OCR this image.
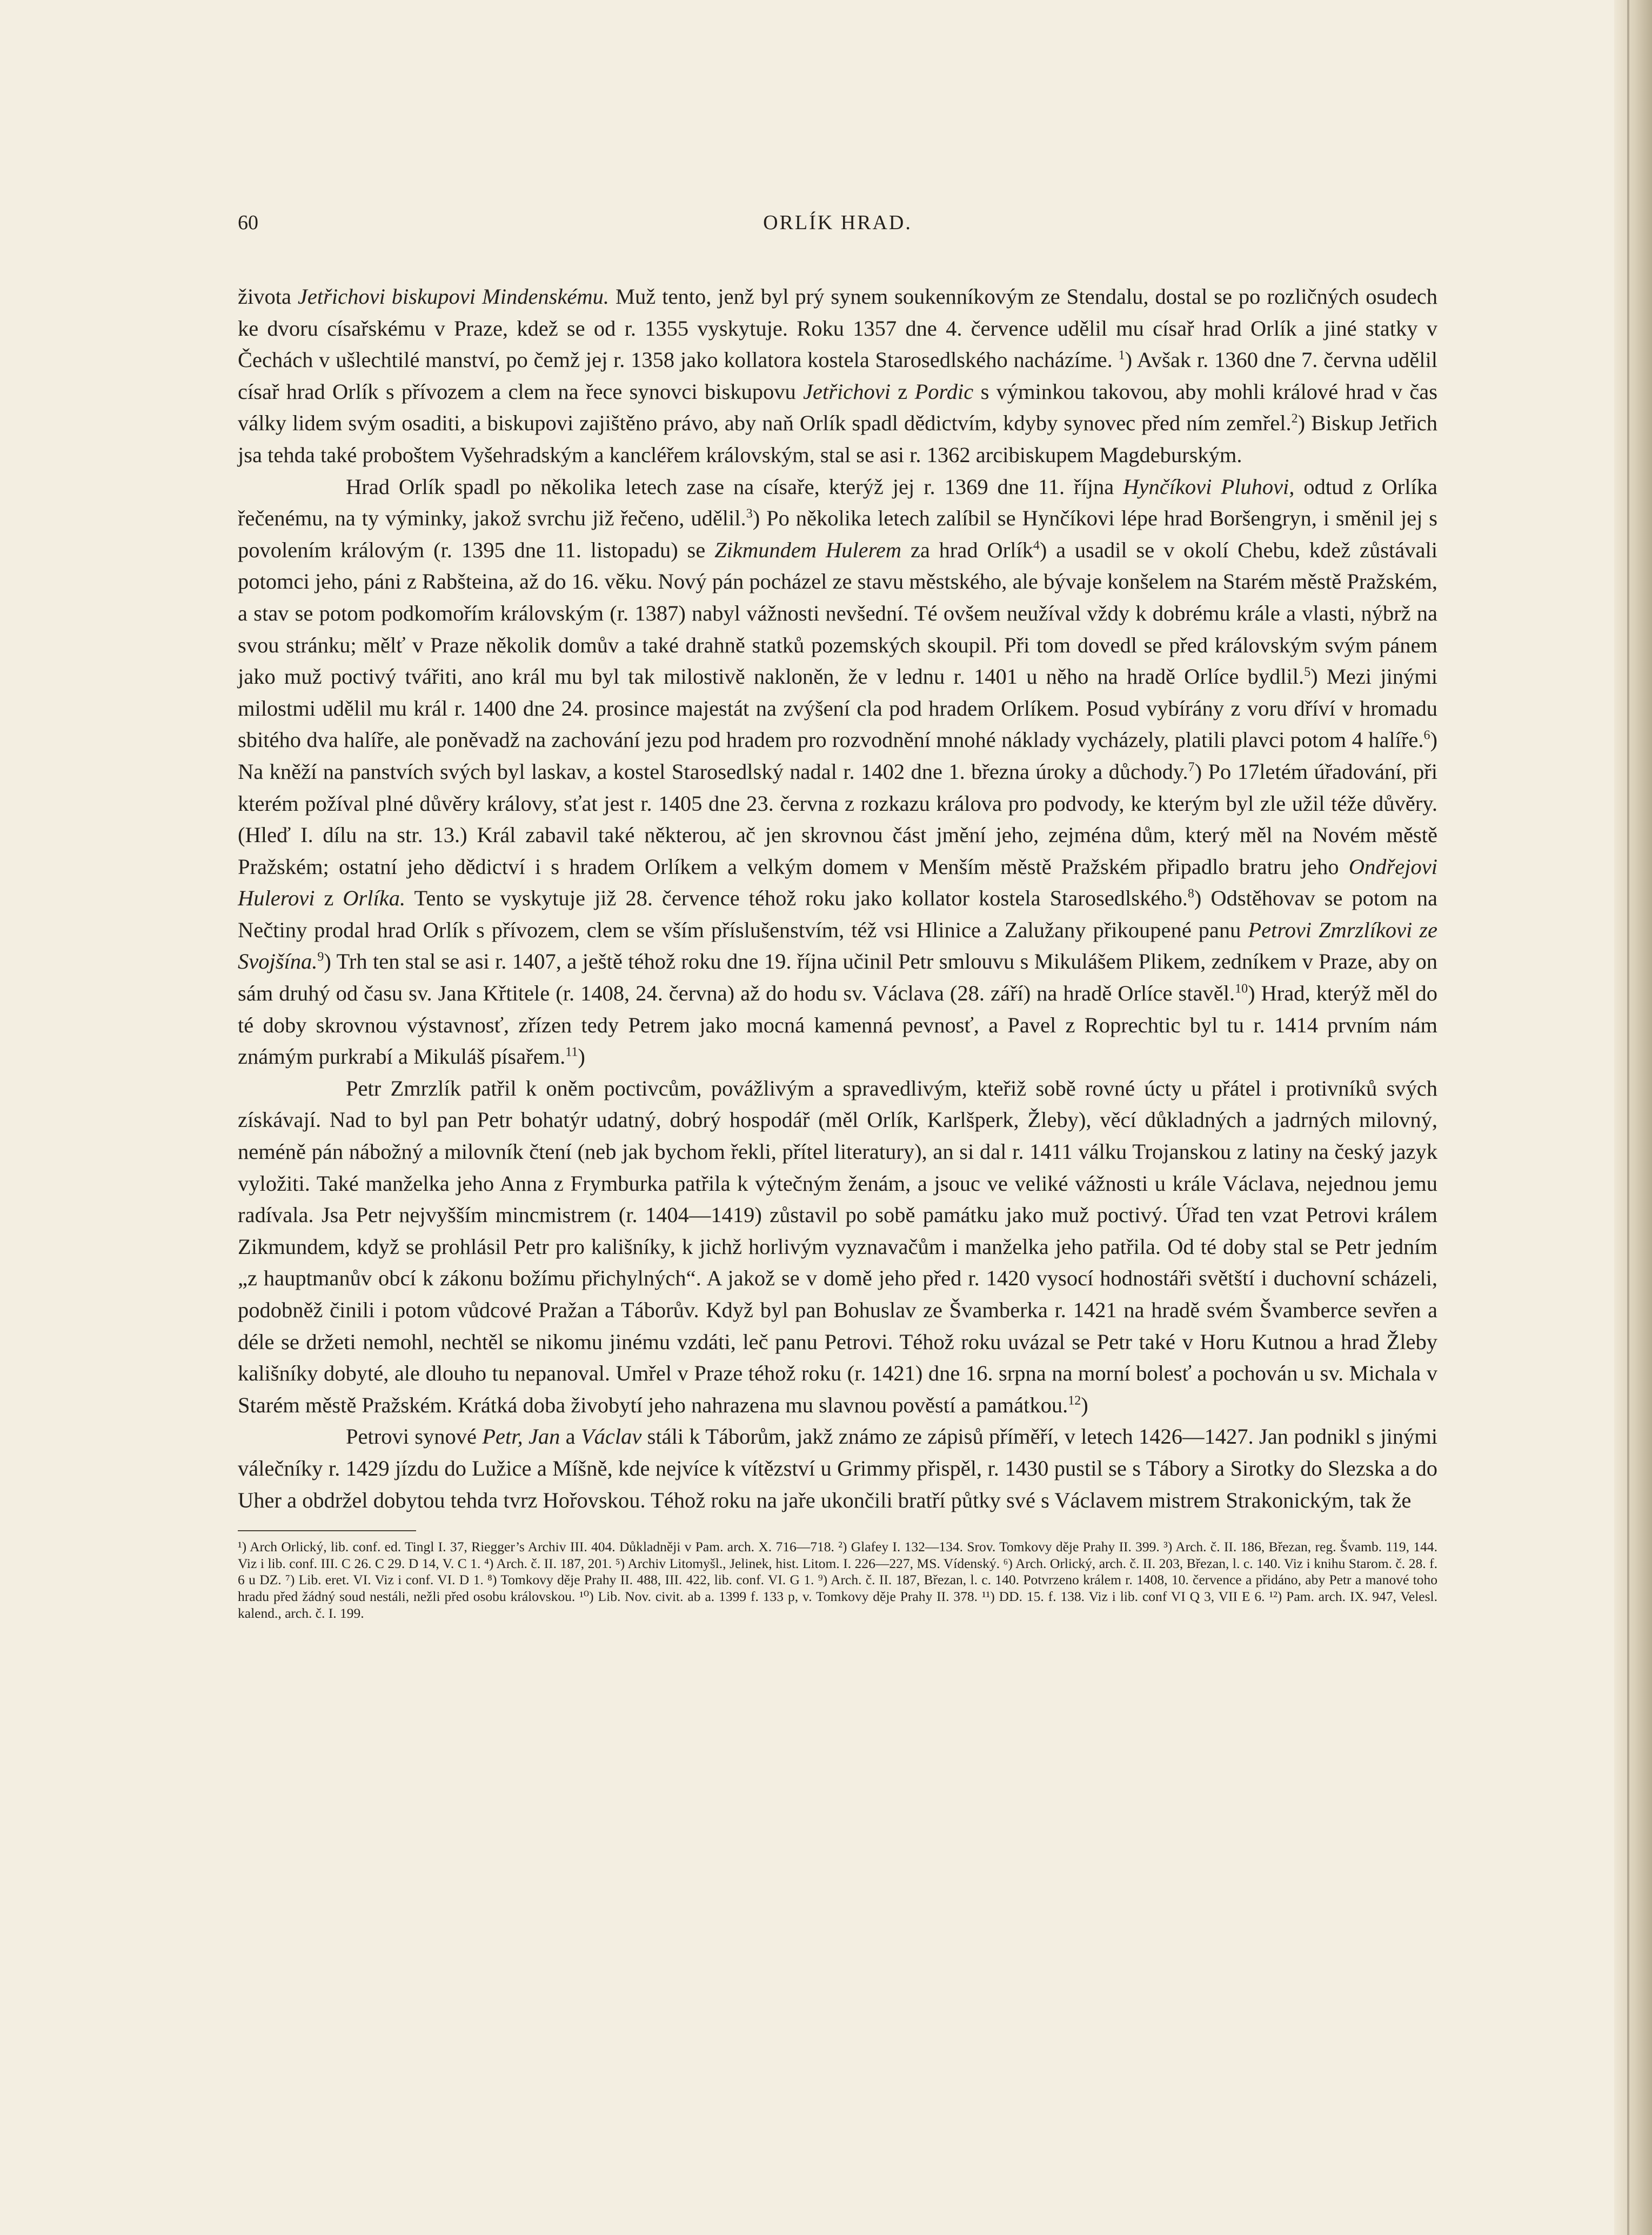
60	ORLÍK HRAD.

života Jetřichovi biskupovi Mindenskému. Muž tento, jenž byl prý synem soukenníkovým ze Stendalu, dostal se po rozličných osudech ke dvoru císařskému v Praze, kdež se od r. 1355 vyskytuje. Roku 1357 dne 4. července udělil mu císař hrad Orlík a jiné statky v Čechách v ušlechtilé manství, po čemž jej r. 1358 jako kollatora kostela Starosedlského nacházíme. $^1$) Avšak r. 1360 dne 7. června udělil císař hrad Orlík s přívozem a clem na řece synovci biskupovu Jetřichovi z Pordic s výminkou takovou, aby mohli králové hrad v čas války lidem svým osaditi, a biskupovi zajištěno právo, aby naň Orlík spadl dědictvím, kdyby synovec před ním zemřel.$^2$) Biskup Jetřich jsa tehda také proboštem Vyšehradským a kancléřem královským, stal se asi r. 1362 arcibiskupem Magdeburským.

Hrad Orlík spadl po několika letech zase na císaře, kterýž jej r. 1369 dne 11. října Hynčíkovi Pluhovi, odtud z Orlíka řečenému, na ty výminky, jakož svrchu již řečeno, udělil.$^3$) Po několika letech zalíbil se Hynčíkovi lépe hrad Boršengryn, i směnil jej s povolením královým (r. 1395 dne 11. listopadu) se Zikmundem Hulerem za hrad Orlík$^4$) a usadil se v okolí Chebu, kdež zůstávali potomci jeho, páni z Rabšteina, až do 16. věku. Nový pán pocházel ze stavu městského, ale bývaje konšelem na Starém městě Pražském, a stav se potom podkomořím královským (r. 1387) nabyl vážnosti nevšední. Té ovšem neužíval vždy k dobrému krále a vlasti, nýbrž na svou stránku; mělť v Praze několik domův a také drahně statků pozemských skoupil. Při tom dovedl se před královským svým pánem jako muž poctivý tvářiti, ano král mu byl tak milostivě nakloněn, že v lednu r. 1401 u něho na hradě Orlíce bydlil.$^5$) Mezi jinými milostmi udělil mu král r. 1400 dne 24. prosince majestát na zvýšení cla pod hradem Orlíkem. Posud vybírány z voru dříví v hromadu sbitého dva halíře, ale poněvadž na zachování jezu pod hradem pro rozvodnění mnohé náklady vycházely, platili plavci potom 4 halíře.$^6$) Na kněží na panstvích svých byl laskav, a kostel Starosedlský nadal r. 1402 dne 1. března úroky a důchody.$^7$) Po 17letém úřadování, při kterém požíval plné důvěry královy, sťat jest r. 1405 dne 23. června z rozkazu králova pro podvody, ke kterým byl zle užil téže důvěry. (Hleď I. dílu na str. 13.) Král zabavil také některou, ač jen skrovnou část jmění jeho, zejména dům, který měl na Novém městě Pražském; ostatní jeho dědictví i s hradem Orlíkem a velkým domem v Menším městě Pražském připadlo bratru jeho Ondřejovi Hulerovi z Orlíka. Tento se vyskytuje již 28. července téhož roku jako kollator kostela Starosedlského.$^8$) Odstěhovav se potom na Nečtiny prodal hrad Orlík s přívozem, clem se vším příslušenstvím, též vsi Hlinice a Zalužany přikoupené panu Petrovi Zmrzlíkovi ze Svojšína.$^9$) Trh ten stal se asi r. 1407, a ještě téhož roku dne 19. října učinil Petr smlouvu s Mikulášem Plikem, zedníkem v Praze, aby on sám druhý od času sv. Jana Křtitele (r. 1408, 24. června) až do hodu sv. Václava (28. září) na hradě Orlíce stavěl.$^{10}$) Hrad, kterýž měl do té doby skrovnou výstavnosť, zřízen tedy Petrem jako mocná kamenná pevnosť, a Pavel z Roprechtic byl tu r. 1414 prvním nám známým purkrabí a Mikuláš písařem.$^{11}$)

Petr Zmrzlík patřil k oněm poctivcům, povážlivým a spravedlivým, kteřiž sobě rovné úcty u přátel i protivníků svých získávají. Nad to byl pan Petr bohatýr udatný, dobrý hospodář (měl Orlík, Karlšperk, Žleby), věcí důkladných a jadrných milovný, neméně pán nábožný a milovník čtení (neb jak bychom řekli, přítel literatury), an si dal r. 1411 válku Trojanskou z latiny na český jazyk vyložiti. Také manželka jeho Anna z Frymburka patřila k výtečným ženám, a jsouc ve veliké vážnosti u krále Václava, nejednou jemu radívala. Jsa Petr nejvyšším mincmistrem (r. 1404—1419) zůstavil po sobě památku jako muž poctivý. Úřad ten vzat Petrovi králem Zikmundem, když se prohlásil Petr pro kališníky, k jichž horlivým vyznavačům i manželka jeho patřila. Od té doby stal se Petr jedním „z hauptmanův obcí k zákonu božímu přichylných“. A jakož se v domě jeho před r. 1420 vysocí hodnostáři světští i duchovní scházeli, podobněž činili i potom vůdcové Pražan a Táborův. Když byl pan Bohuslav ze Švamberka r. 1421 na hradě svém Švamberce sevřen a déle se držeti nemohl, nechtěl se nikomu jinému vzdáti, leč panu Petrovi. Téhož roku uvázal se Petr také v Horu Kutnou a hrad Žleby kališníky dobyté, ale dlouho tu nepanoval. Umřel v Praze téhož roku (r. 1421) dne 16. srpna na morní bolesť a pochován u sv. Michala v Starém městě Pražském. Krátká doba živobytí jeho nahrazena mu slavnou pověstí a památkou.$^{12}$)

Petrovi synové Petr, Jan a Václav stáli k Táborům, jakž známo ze zápisů příměří, v letech 1426—1427. Jan podnikl s jinými válečníky r. 1429 jízdu do Lužice a Míšně, kde nejvíce k vítězství u Grimmy přispěl, r. 1430 pustil se s Tábory a Sirotky do Slezska a do Uher a obdržel dobytou tehda tvrz Hořovskou. Téhož roku na jaře ukončili bratří půtky své s Václavem mistrem Strakonickým, tak že

¹) Arch Orlický, lib. conf. ed. Tingl I. 37, Riegger’s Archiv III. 404. Důkladněji v Pam. arch. X. 716—718. ²) Glafey I. 132—134. Srov. Tomkovy děje Prahy II. 399. ³) Arch. č. II. 186, Březan, reg. Švamb. 119, 144. Viz i lib. conf. III. C 26. C 29. D 14, V. C 1. ⁴) Arch. č. II. 187, 201. ⁵) Archiv Litomyšl., Jelinek, hist. Litom. I. 226—227, MS. Vídenský. ⁶) Arch. Orlický, arch. č. II. 203, Březan, l. c. 140. Viz i knihu Starom. č. 28. f. 6 u DZ. ⁷) Lib. eret. VI. Viz i conf. VI. D 1. ⁸) Tomkovy děje Prahy II. 488, III. 422, lib. conf. VI. G 1. ⁹) Arch. č. II. 187, Březan, l. c. 140. Potvrzeno králem r. 1408, 10. července a přidáno, aby Petr a manové toho hradu před žádný soud nestáli, nežli před osobu královskou. ¹⁰) Lib. Nov. civit. ab a. 1399 f. 133 p, v. Tomkovy děje Prahy II. 378. ¹¹) DD. 15. f. 138. Viz i lib. conf VI Q 3, VII E 6. ¹²) Pam. arch. IX. 947, Velesl. kalend., arch. č. I. 199.
